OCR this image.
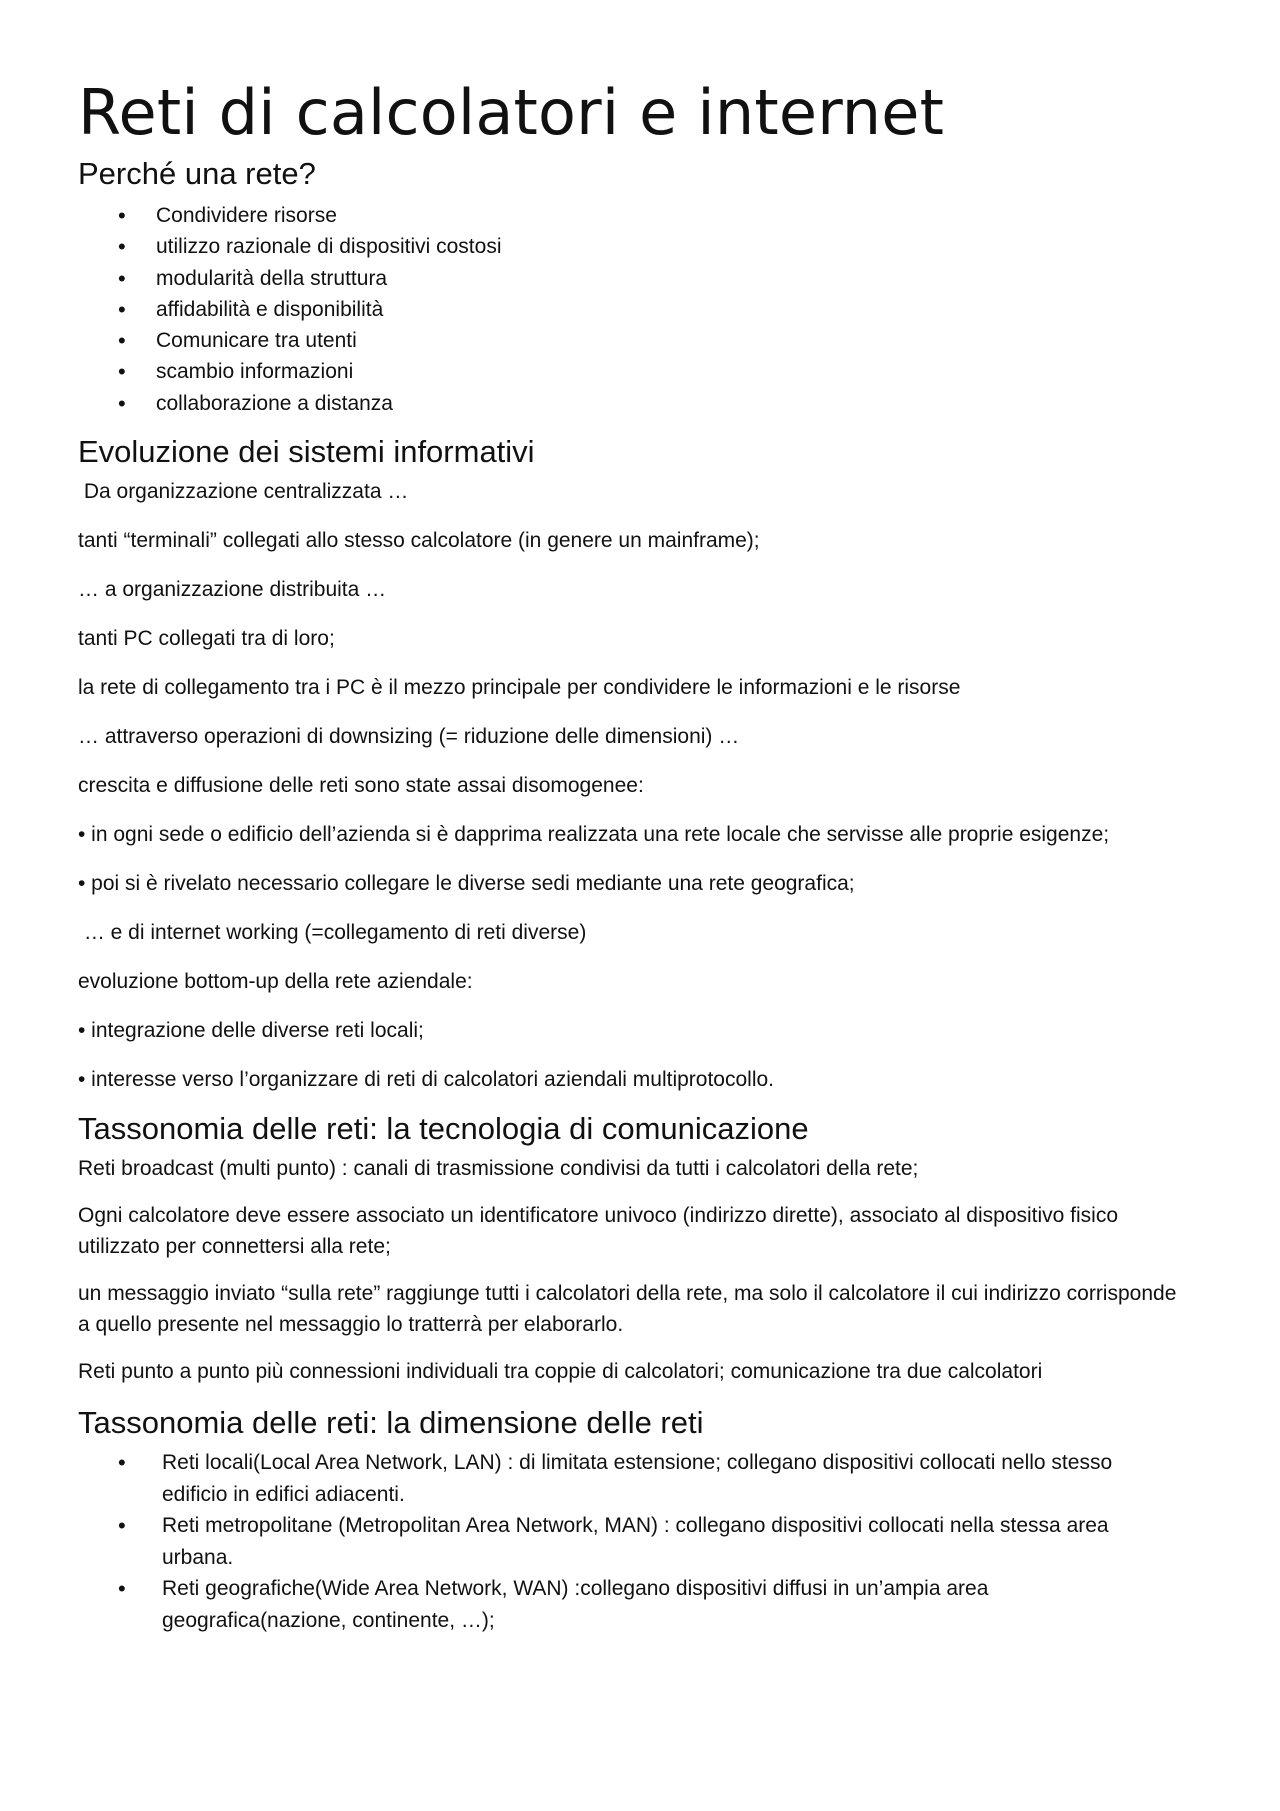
Reti di calcolatori e internet
Perché una rete?
• Condividere risorse
• utilizzo razionale di dispositivi costosi
• modularità della struttura
• affidabilità e disponibilità
• Comunicare tra utenti
• scambio informazioni
• collaborazione a distanza
Evoluzione dei sistemi informativi

Da organizzazione centralizzata …

tanti “terminali” collegati allo stesso calcolatore (in genere un mainframe);

… a organizzazione distribuita …

tanti PC collegati tra di loro;

la rete di collegamento tra i PC è il mezzo principale per condividere le informazioni e le risorse

… attraverso operazioni di downsizing (= riduzione delle dimensioni) …

crescita e diffusione delle reti sono state assai disomogenee:

• in ogni sede o edificio dell’azienda si è dapprima realizzata una rete locale che servisse alle proprie esigenze;

• poi si è rivelato necessario collegare le diverse sedi mediante una rete geografica;

… e di internet working (=collegamento di reti diverse)

evoluzione bottom-up della rete aziendale:

• integrazione delle diverse reti locali;

• interesse verso l’organizzare di reti di calcolatori aziendali multiprotocollo.

Tassonomia delle reti: la tecnologia di comunicazione

Reti broadcast (multi punto) : canali di trasmissione condivisi da tutti i calcolatori della rete;

Ogni calcolatore deve essere associato un identificatore univoco (indirizzo dirette), associato al dispositivo fisico utilizzato per connettersi alla rete;

un messaggio inviato “sulla rete” raggiunge tutti i calcolatori della rete, ma solo il calcolatore il cui indirizzo corrisponde a quello presente nel messaggio lo tratterrà per elaborarlo.

Reti punto a punto più connessioni individuali tra coppie di calcolatori; comunicazione tra due calcolatori

Tassonomia delle reti: la dimensione delle reti
• Reti locali(Local Area Network, LAN) : di limitata estensione; collegano dispositivi collocati nello stesso edificio in edifici adiacenti.
• Reti metropolitane (Metropolitan Area Network, MAN) : collegano dispositivi collocati nella stessa area urbana.
• Reti geografiche(Wide Area Network, WAN) :collegano dispositivi diffusi in un’ampia area geografica(nazione, continente, …);
